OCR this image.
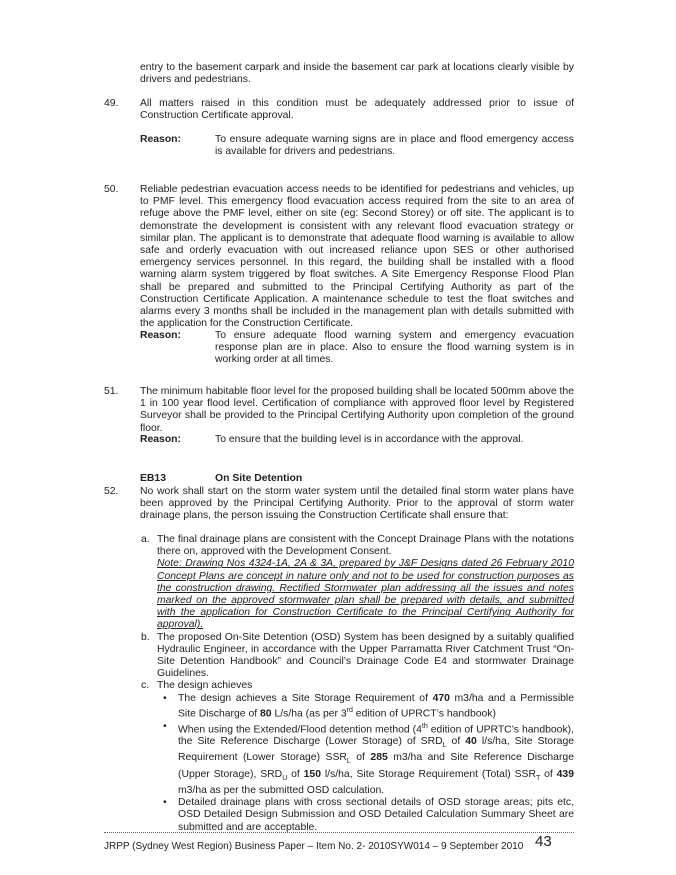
entry to the basement carpark and inside the basement car park at locations clearly visible by drivers and pedestrians.

49. All matters raised in this condition must be adequately addressed prior to issue of Construction Certificate approval.

Reason:	To ensure adequate warning signs are in place and flood emergency access is available for drivers and pedestrians.

50. Reliable pedestrian evacuation access needs to be identified for pedestrians and vehicles, up to PMF level. This emergency flood evacuation access required from the site to an area of refuge above the PMF level, either on site (eg: Second Storey) or off site. The applicant is to demonstrate the development is consistent with any relevant flood evacuation strategy or similar plan. The applicant is to demonstrate that adequate flood warning is available to allow safe and orderly evacuation with out increased reliance upon SES or other authorised emergency services personnel. In this regard, the building shall be installed with a flood warning alarm system triggered by float switches. A Site Emergency Response Flood Plan shall be prepared and submitted to the Principal Certifying Authority as part of the Construction Certificate Application. A maintenance schedule to test the float switches and alarms every 3 months shall be included in the management plan with details submitted with the application for the Construction Certificate.

Reason:	To ensure adequate flood warning system and emergency evacuation response plan are in place. Also to ensure the flood warning system is in working order at all times.

51. The minimum habitable floor level for the proposed building shall be located 500mm above the 1 in 100 year flood level. Certification of compliance with approved floor level by Registered Surveyor shall be provided to the Principal Certifying Authority upon completion of the ground floor.

Reason:	To ensure that the building level is in accordance with the approval.

EB13	On Site Detention
52. No work shall start on the storm water system until the detailed final storm water plans have been approved by the Principal Certifying Authority. Prior to the approval of storm water drainage plans, the person issuing the Construction Certificate shall ensure that:

a. The final drainage plans are consistent with the Concept Drainage Plans with the notations there on, approved with the Development Consent.

Note: Drawing Nos 4324-1A, 2A & 3A, prepared by J&F Designs dated 26 February 2010 Concept Plans are concept in nature only and not to be used for construction purposes as the construction drawing. Rectified Stormwater plan addressing all the issues and notes marked on the approved stormwater plan shall be prepared with details, and submitted with the application for Construction Certificate to the Principal Certifying Authority for approval).

b. The proposed On-Site Detention (OSD) System has been designed by a suitably qualified Hydraulic Engineer, in accordance with the Upper Parramatta River Catchment Trust “On-Site Detention Handbook” and Council’s Drainage Code E4 and stormwater Drainage Guidelines.

c. The design achieves

• The design achieves a Site Storage Requirement of 470 m3/ha and a Permissible Site Discharge of 80 L/s/ha (as per 3rd edition of UPRCT’s handbook)
• When using the Extended/Flood detention method (4th edition of UPRTC’s handbook), the Site Reference Discharge (Lower Storage) of $SRD_L$ of 40 l/s/ha, Site Storage Requirement (Lower Storage) $SSR_L$ of 285 m3/ha and Site Reference Discharge (Upper Storage), $SRD_U$ of 150 l/s/ha, Site Storage Requirement (Total) $SSR_T$ of 439 m3/ha as per the submitted OSD calculation.
• Detailed drainage plans with cross sectional details of OSD storage areas; pits etc, OSD Detailed Design Submission and OSD Detailed Calculation Summary Sheet are submitted and are acceptable.
JRPP (Sydney West Region) Business Paper – Item No. 2- 2010SYW014 – 9 September 2010 43
